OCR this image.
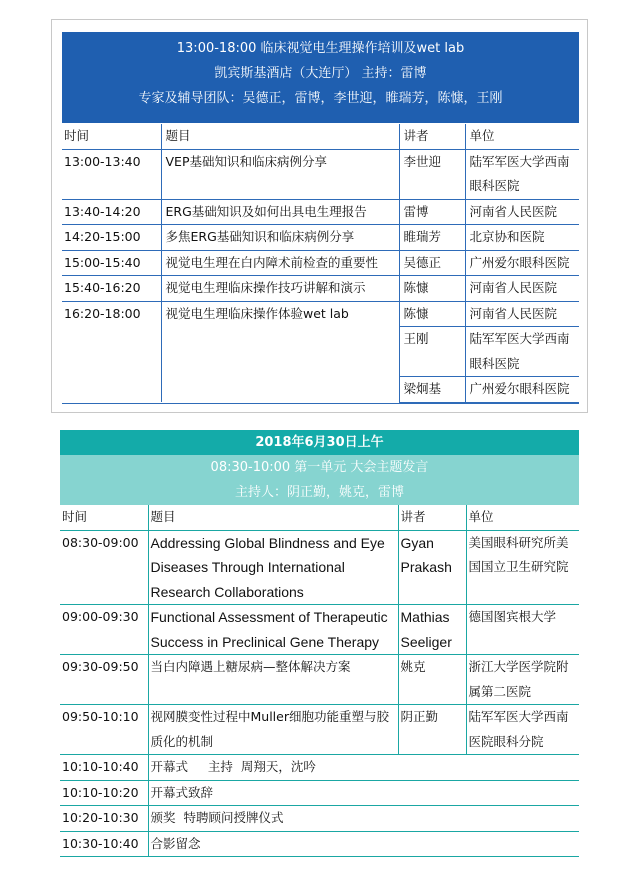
13:00-18:00 临床视觉电生理操作培训及wet lab
凯宾斯基酒店（大连厅） 主持：雷博
专家及辅导团队：吴德正，雷博，李世迎，睢瑞芳，陈慷，王刚
时间	题目	讲者	单位
13:00-13:40	VEP基础知识和临床病例分享	李世迎	陆军军医大学西南眼科医院
13:40-14:20	ERG基础知识及如何出具电生理报告	雷博	河南省人民医院
14:20-15:00	多焦ERG基础知识和临床病例分享	睢瑞芳	北京协和医院
15:00-15:40	视觉电生理在白内障术前检查的重要性	吴德正	广州爱尔眼科医院
15:40-16:20	视觉电生理临床操作技巧讲解和演示	陈慷	河南省人民医院
16:20-18:00	视觉电生理临床操作体验wet lab	陈慷	河南省人民医院
		王刚	陆军军医大学西南眼科医院
		梁炯基	广州爱尔眼科医院

2018年6月30日上午
08:30-10:00 第一单元 大会主题发言
主持人：阴正勤，姚克，雷博
时间	题目	讲者	单位
08:30-09:00	Addressing Global Blindness and Eye Diseases Through International Research Collaborations	Gyan Prakash	美国眼科研究所美国国立卫生研究院
09:00-09:30	Functional Assessment of Therapeutic Success in Preclinical Gene Therapy	Mathias Seeliger	德国图宾根大学
09:30-09:50	当白内障遇上糖尿病—整体解决方案	姚克	浙江大学医学院附属第二医院
09:50-10:10	视网膜变性过程中Muller细胞功能重塑与胶质化的机制	阴正勤	陆军军医大学西南医院眼科分院
10:10-10:40	开幕式     主持  周翔天，沈吟		
10:10-10:20	开幕式致辞		
10:20-10:30	颁奖  特聘顾问授牌仪式		
10:30-10:40	合影留念		
